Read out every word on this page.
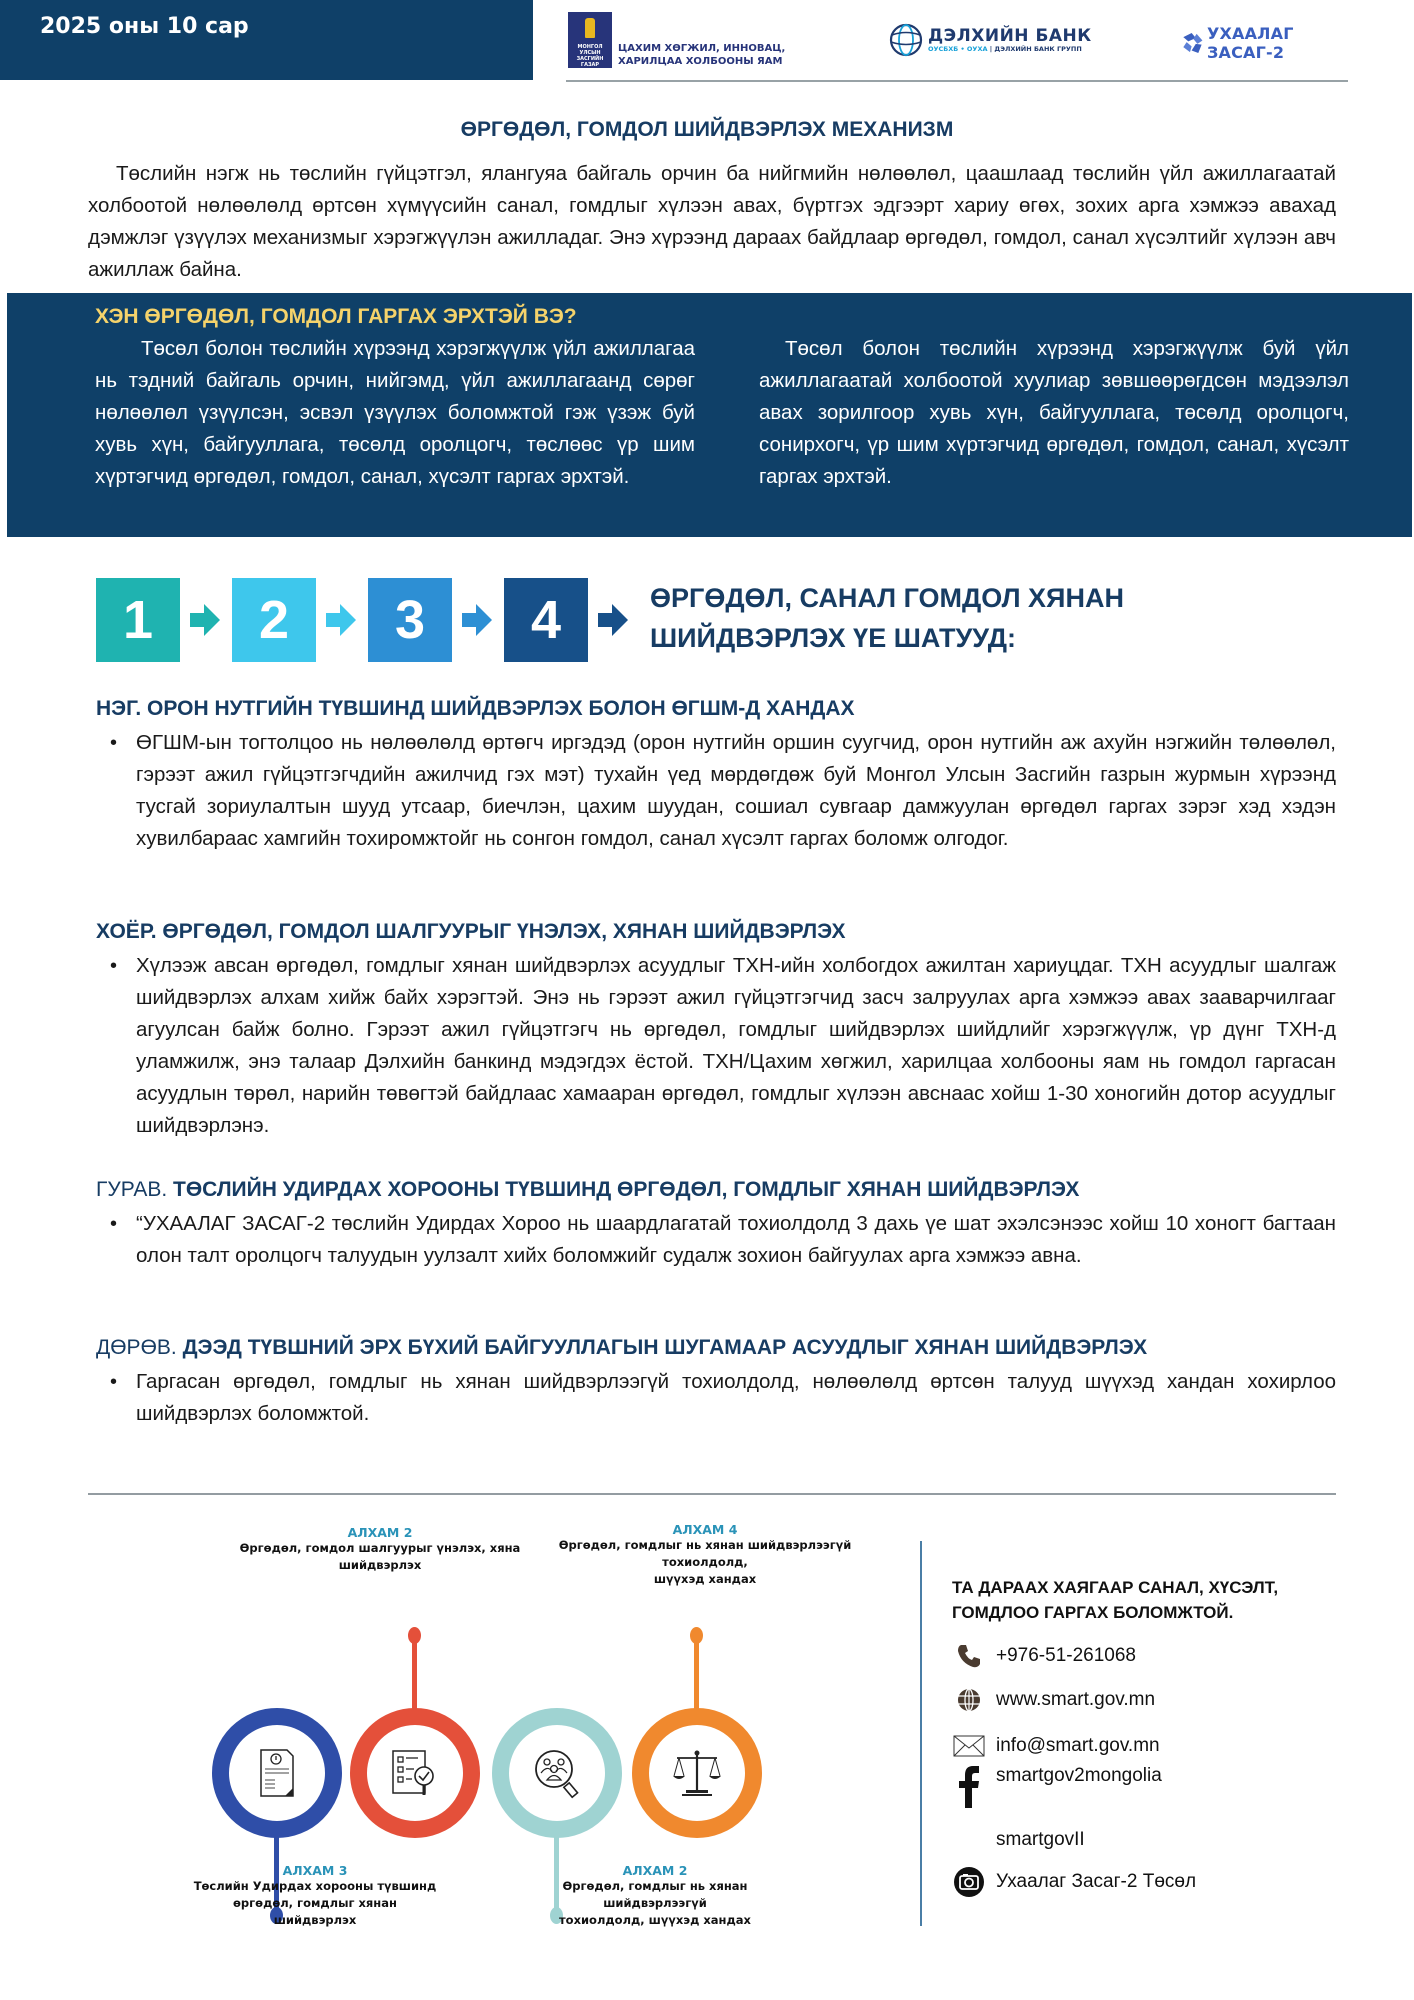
2025 оны 10 сар
МОНГОЛ УЛСЫН ЗАСГИЙН ГАЗАР
ЦАХИМ ХӨГЖИЛ, ИННОВАЦ,
ХАРИЛЦАА ХОЛБООНЫ ЯАМ
ДЭЛХИЙН БАНК
ОУСБХБ • ОУХА | ДЭЛХИЙН БАНК ГРУПП
УХААЛАГ ЗАСАГ-2
ӨРГӨДӨЛ, ГОМДОЛ ШИЙДВЭРЛЭХ МЕХАНИЗМ

Төслийн нэгж нь төслийн гүйцэтгэл, ялангуяа байгаль орчин ба нийгмийн нөлөөлөл, цаашлаад төслийн үйл ажиллагаатай холбоотой нөлөөлөлд өртсөн хүмүүсийн санал, гомдлыг хүлээн авах, бүртгэх эдгээрт хариу өгөх, зохих арга хэмжээ авахад дэмжлэг үзүүлэх механизмыг хэрэгжүүлэн ажилладаг. Энэ хүрээнд дараах байдлаар өргөдөл, гомдол, санал хүсэлтийг хүлээн авч ажиллаж байна.

ХЭН ӨРГӨДӨЛ, ГОМДОЛ ГАРГАХ ЭРХТЭЙ ВЭ?

Төсөл болон төслийн хүрээнд хэрэгжүүлж үйл ажиллагаа нь тэдний байгаль орчин, нийгэмд, үйл ажиллагаанд сөрөг нөлөөлөл үзүүлсэн, эсвэл үзүүлэх боломжтой гэж үзэж буй хувь хүн, байгууллага, төсөлд оролцогч, төслөөс үр шим хүртэгчид өргөдөл, гомдол, санал, хүсэлт гаргах эрхтэй.

Төсөл болон төслийн хүрээнд хэрэгжүүлж буй үйл ажиллагаатай холбоотой хуулиар зөвшөөрөгдсөн мэдээлэл авах зорилгоор хувь хүн, байгууллага, төсөлд оролцогч, сонирхогч, үр шим хүртэгчид өргөдөл, гомдол, санал, хүсэлт гаргах эрхтэй.

1	2	3	4	ӨРГӨДӨЛ, САНАЛ ГОМДОЛ ХЯНАН
ШИЙДВЭРЛЭХ ҮЕ ШАТУУД:
НЭГ. ОРОН НУТГИЙН ТҮВШИНД ШИЙДВЭРЛЭХ БОЛОН ӨГШМ-Д ХАНДАХ
• ӨГШМ-ын тогтолцоо нь нөлөөлөлд өртөгч иргэдэд (орон нутгийн оршин суугчид, орон нутгийн аж ахуйн нэгжийн төлөөлөл, гэрээт ажил гүйцэтгэгчдийн ажилчид гэх мэт) тухайн үед мөрдөгдөж буй Монгол Улсын Засгийн газрын журмын хүрээнд тусгай зориулалтын шууд утсаар, биечлэн, цахим шуудан, сошиал сувгаар дамжуулан өргөдөл гаргах зэрэг хэд хэдэн хувилбараас хамгийн тохиромжтойг нь сонгон гомдол, санал хүсэлт гаргах боломж олгодог.
ХОЁР. ӨРГӨДӨЛ, ГОМДОЛ ШАЛГУУРЫГ ҮНЭЛЭХ, ХЯНАН ШИЙДВЭРЛЭХ
• Хүлээж авсан өргөдөл, гомдлыг хянан шийдвэрлэх асуудлыг ТХН-ийн холбогдох ажилтан хариуцдаг. ТХН асуудлыг шалгаж шийдвэрлэх алхам хийж байх хэрэгтэй. Энэ нь гэрээт ажил гүйцэтгэгчид засч залруулах арга хэмжээ авах зааварчилгааг агуулсан байж болно. Гэрээт ажил гүйцэтгэгч нь өргөдөл, гомдлыг шийдвэрлэх шийдлийг хэрэгжүүлж, үр дүнг ТХН-д уламжилж, энэ талаар Дэлхийн банкинд мэдэгдэх ёстой. ТХН/Цахим хөгжил, харилцаа холбооны яам нь гомдол гаргасан асуудлын төрөл, нарийн төвөгтэй байдлаас хамааран өргөдөл, гомдлыг хүлээн авснаас хойш 1-30 хоногийн дотор асуудлыг шийдвэрлэнэ.
ГУРАВ. ТӨСЛИЙН УДИРДАХ ХОРООНЫ ТҮВШИНД ӨРГӨДӨЛ, ГОМДЛЫГ ХЯНАН ШИЙДВЭРЛЭХ
• “УХААЛАГ ЗАСАГ-2 төслийн Удирдах Хороо нь шаардлагатай тохиолдолд 3 дахь үе шат эхэлсэнээс хойш 10 хоногт багтаан олон талт оролцогч талуудын уулзалт хийх боломжийг судалж зохион байгуулах арга хэмжээ авна.
ДӨРӨВ. ДЭЭД ТҮВШНИЙ ЭРХ БҮХИЙ БАЙГУУЛЛАГЫН ШУГАМААР АСУУДЛЫГ ХЯНАН ШИЙДВЭРЛЭХ
• Гаргасан өргөдөл, гомдлыг нь хянан шийдвэрлээгүй тохиолдолд, нөлөөлөлд өртсөн талууд шүүхэд хандан хохирлоо шийдвэрлэх боломжтой.
АЛХАМ 2
Өргөдөл, гомдол шалгуурыг үнэлэх, хяна
шийдвэрлэх
АЛХАМ 4
Өргөдөл, гомдлыг нь хянан шийдвэрлээгүй
тохиолдолд,
шүүхэд хандах
АЛХАМ 3
Төслийн Удирдах хорооны түвшинд
өргөдөл, гомдлыг хянан шийдвэрлэх
АЛХАМ 2
Өргөдөл, гомдлыг нь хянан шийдвэрлээгүй
тохиолдолд, шүүхэд хандах
ТА ДАРААХ ХАЯГААР САНАЛ, ХҮСЭЛТ,
ГОМДЛОО ГАРГАХ БОЛОМЖТОЙ.
+976-51-261068
www.smart.gov.mn
info@smart.gov.mn
smartgov2mongolia
smartgovII
Ухаалаг Засаг-2 Төсөл
